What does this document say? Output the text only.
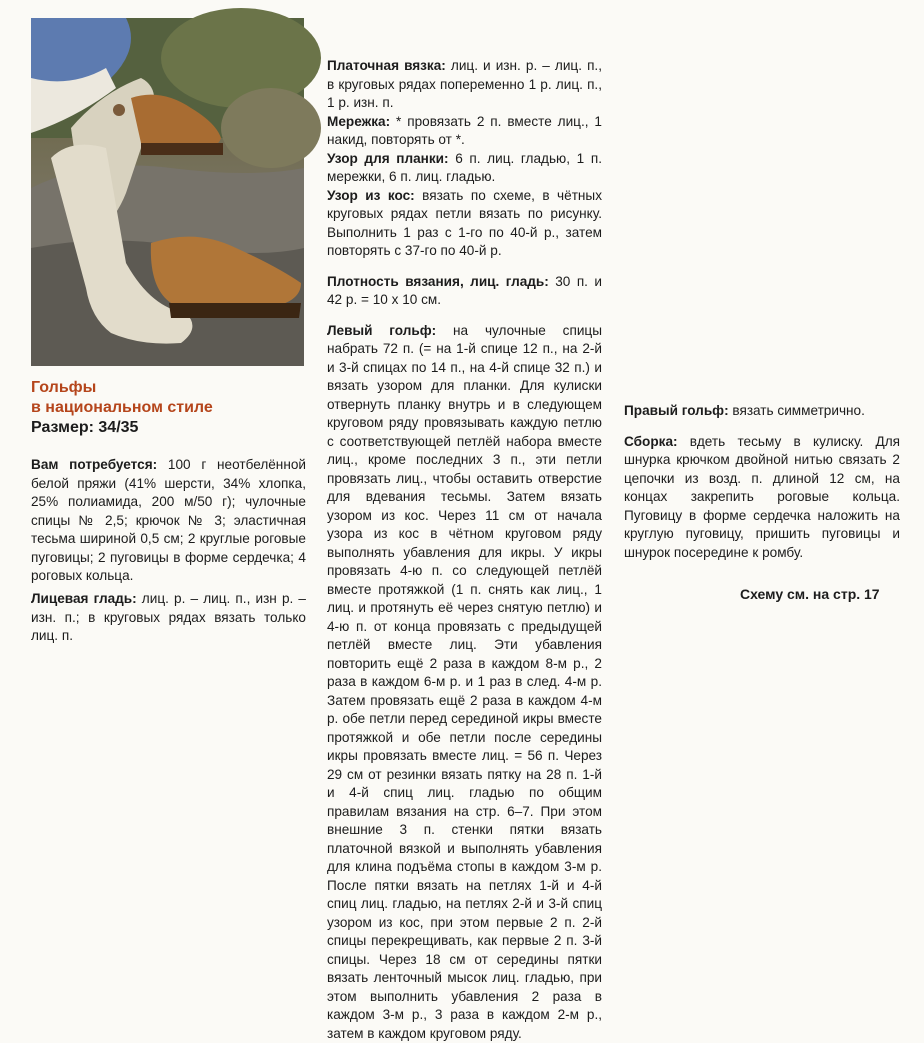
Гольфы
в национальном стиле
Размер: 34/35

Вам потребуется: 100 г неотбелённой белой пряжи (41% шерсти, 34% хлопка, 25% полиамида, 200 м/50 г); чулочные спицы № 2,5; крючок № 3; эластичная тесьма шириной 0,5 см; 2 круглые роговые пуговицы; 2 пуговицы в форме сердечка; 4 роговых кольца.

Лицевая гладь: лиц. р. – лиц. п., изн р. – изн. п.; в круговых рядах вязать только лиц. п.

Платочная вязка: лиц. и изн. р. – лиц. п., в круговых рядах попеременно 1 р. лиц. п., 1 р. изн. п.

Мережка: * провязать 2 п. вместе лиц., 1 накид, повторять от *.

Узор для планки: 6 п. лиц. гладью, 1 п. мережки, 6 п. лиц. гладью.

Узор из кос: вязать по схеме, в чётных круговых рядах петли вязать по рисунку. Выполнить 1 раз с 1-го по 40-й р., затем повторять с 37-го по 40-й р.

Плотность вязания, лиц. гладь: 30 п. и 42 р. = 10 х 10 см.

Левый гольф: на чулочные спицы набрать 72 п. (= на 1-й спице 12 п., на 2-й и 3-й спицах по 14 п., на 4-й спице 32 п.) и вязать узором для планки. Для кулиски отвернуть планку внутрь и в следующем круговом ряду провязывать каждую петлю с соответствующей петлёй набора вместе лиц., кроме последних 3 п., эти петли провязать лиц., чтобы оставить отверстие для вдевания тесьмы. Затем вязать узором из кос. Через 11 см от начала узора из кос в чётном круговом ряду выполнять убавления для икры. У икры провязать 4-ю п. со следующей петлёй вместе протяжкой (1 п. снять как лиц., 1 лиц. и протянуть её через снятую петлю) и 4-ю п. от конца провязать с предыдущей петлёй вместе лиц. Эти убавления повторить ещё 2 раза в каждом 8-м р., 2 раза в каждом 6-м р. и 1 раз в след. 4-м р. Затем провязать ещё 2 раза в каждом 4-м р. обе петли перед серединой икры вместе протяжкой и обе петли после середины икры провязать вместе лиц. = 56 п. Через 29 см от резинки вязать пятку на 28 п. 1-й и 4-й спиц лиц. гладью по общим правилам вязания на стр. 6–7. При этом внешние 3 п. стенки пятки вязать платочной вязкой и выполнять убавления для клина подъёма стопы в каждом 3-м р. После пятки вязать на петлях 1-й и 4-й спиц лиц. гладью, на петлях 2-й и 3-й спиц узором из кос, при этом первые 2 п. 2-й спицы перекрещивать, как первые 2 п. 3-й спицы. Через 18 см от середины пятки вязать ленточный мысок лиц. гладью, при этом выполнить убавления 2 раза в каждом 3-м р., 3 раза в каждом 2-м р., затем в каждом круговом ряду.

Правый гольф: вязать симметрично.

Сборка: вдеть тесьму в кулиску. Для шнурка крючком двойной нитью связать 2 цепочки из возд. п. длиной 12 см, на концах закрепить роговые кольца. Пуговицу в форме сердечка наложить на круглую пуговицу, пришить пуговицы и шнурок посередине к ромбу.

Схему см. на стр. 17
